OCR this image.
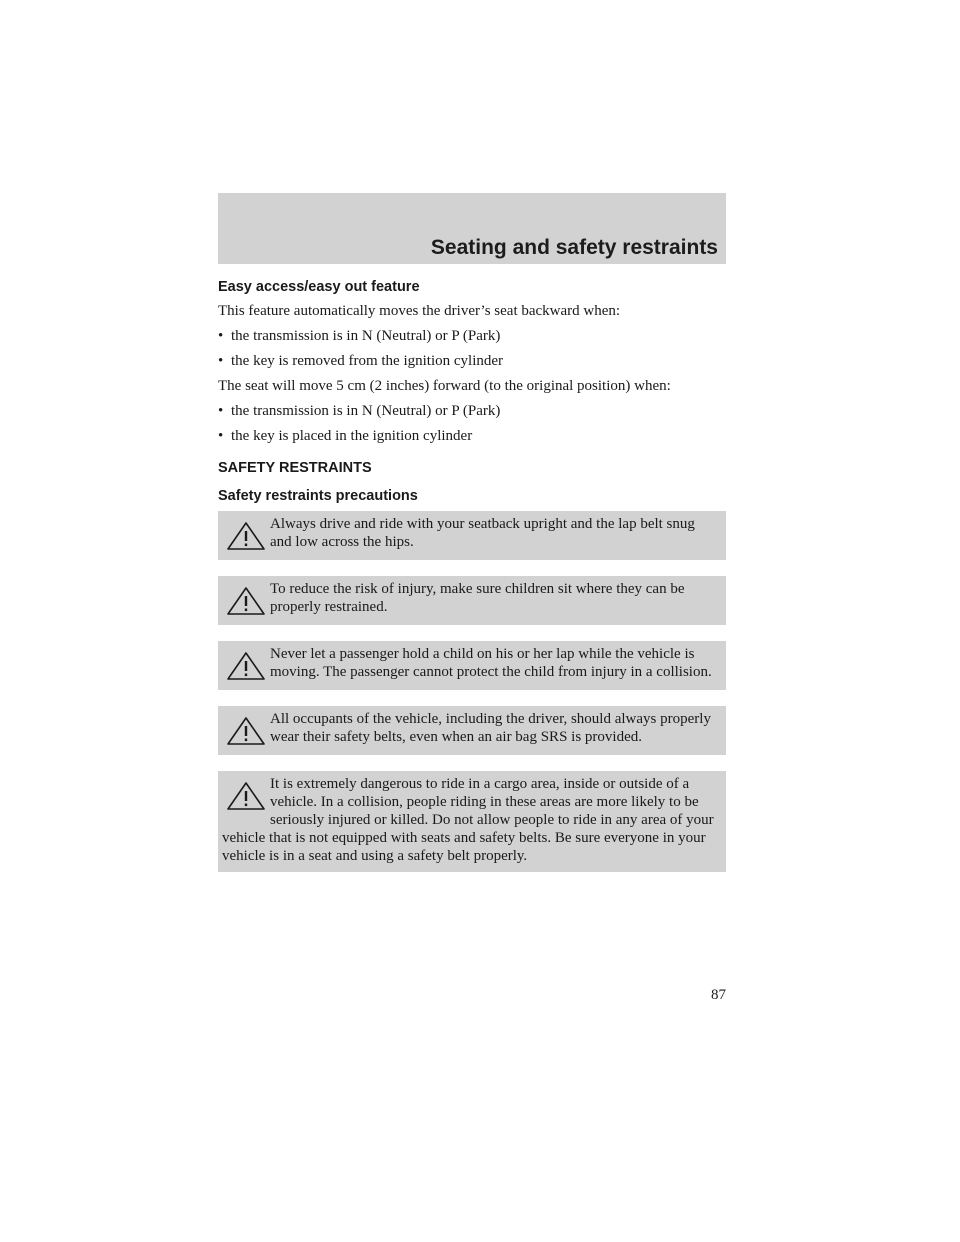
Seating and safety restraints
Easy access/easy out feature

This feature automatically moves the driver’s seat backward when:

• the transmission is in N (Neutral) or P (Park)
• the key is removed from the ignition cylinder

The seat will move 5 cm (2 inches) forward (to the original position) when:

• the transmission is in N (Neutral) or P (Park)
• the key is placed in the ignition cylinder
SAFETY RESTRAINTS
Safety restraints precautions
Always drive and ride with your seatback upright and the lap belt snug and low across the hips.
To reduce the risk of injury, make sure children sit where they can be properly restrained.
Never let a passenger hold a child on his or her lap while the vehicle is moving. The passenger cannot protect the child from injury in a collision.
All occupants of the vehicle, including the driver, should always properly wear their safety belts, even when an air bag SRS is provided.
It is extremely dangerous to ride in a cargo area, inside or outside of a vehicle. In a collision, people riding in these areas are more likely to be seriously injured or killed. Do not allow people to ride in any area of your vehicle that is not equipped with seats and safety belts. Be sure everyone in your vehicle is in a seat and using a safety belt properly.
87
